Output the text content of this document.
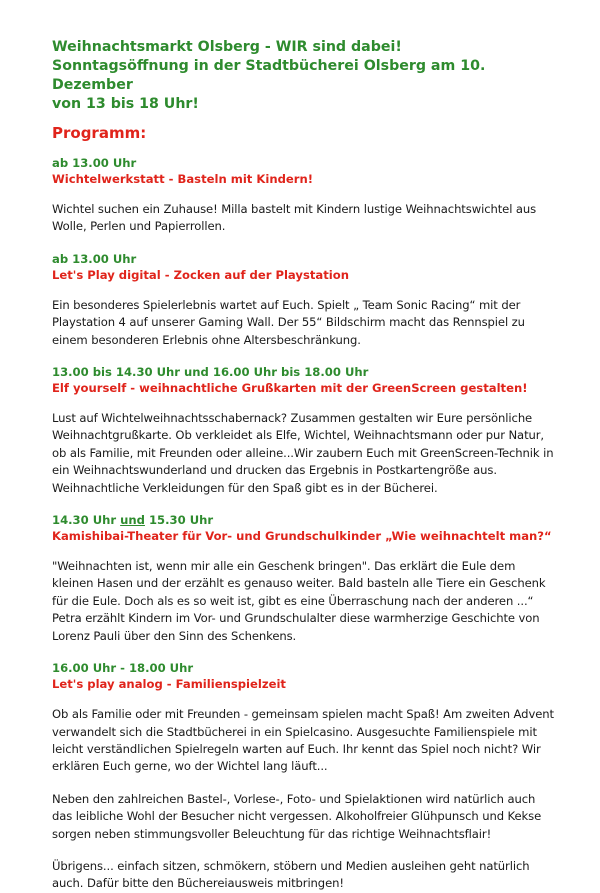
Weihnachtsmarkt Olsberg - WIR sind dabei!
Sonntagsöffnung in der Stadtbücherei Olsberg am 10. Dezember
von 13 bis 18 Uhr!
Programm:
ab 13.00 Uhr
Wichtelwerkstatt - Basteln mit Kindern!
Wichtel suchen ein Zuhause! Milla bastelt mit Kindern lustige Weihnachtswichtel aus Wolle, Perlen und Papierrollen.
ab 13.00 Uhr
Let's Play digital - Zocken auf der Playstation
Ein besonderes Spielerlebnis wartet auf Euch. Spielt „ Team Sonic Racing“ mit der Playstation 4 auf unserer Gaming Wall. Der 55“ Bildschirm macht das Rennspiel zu einem besonderen Erlebnis ohne Altersbeschränkung.
13.00 bis 14.30 Uhr und 16.00 Uhr bis 18.00 Uhr
Elf yourself - weihnachtliche Grußkarten mit der GreenScreen gestalten!
Lust auf Wichtelweihnachtsschabernack? Zusammen gestalten wir Eure persönliche Weihnachtgrußkarte. Ob verkleidet als Elfe, Wichtel, Weihnachtsmann oder pur Natur, ob als Familie, mit Freunden oder alleine...Wir zaubern Euch mit GreenScreen-Technik in ein Weihnachtswunderland und drucken das Ergebnis in Postkartengröße aus. Weihnachtliche Verkleidungen für den Spaß gibt es in der Bücherei.
14.30 Uhr und 15.30 Uhr
Kamishibai-Theater für Vor- und Grundschulkinder „Wie weihnachtelt man?“
"Weihnachten ist, wenn mir alle ein Geschenk bringen". Das erklärt die Eule dem kleinen Hasen und der erzählt es genauso weiter. Bald basteln alle Tiere ein Geschenk für die Eule. Doch als es so weit ist, gibt es eine Überraschung nach der anderen ...“ Petra erzählt Kindern im Vor- und Grundschulalter diese warmherzige Geschichte von Lorenz Pauli über den Sinn des Schenkens.
16.00 Uhr - 18.00 Uhr
Let's play analog - Familienspielzeit
Ob als Familie oder mit Freunden - gemeinsam spielen macht Spaß! Am zweiten Advent verwandelt sich die Stadtbücherei in ein Spielcasino. Ausgesuchte Familienspiele mit leicht verständlichen Spielregeln warten auf Euch. Ihr kennt das Spiel noch nicht? Wir erklären Euch gerne, wo der Wichtel lang läuft...
Neben den zahlreichen Bastel-, Vorlese-, Foto- und Spielaktionen wird natürlich auch das leibliche Wohl der Besucher nicht vergessen. Alkoholfreier Glühpunsch und Kekse sorgen neben stimmungsvoller Beleuchtung für das richtige Weihnachtsflair!
Übrigens... einfach sitzen, schmökern, stöbern und Medien ausleihen geht natürlich auch. Dafür bitte den Büchereiausweis mitbringen!
